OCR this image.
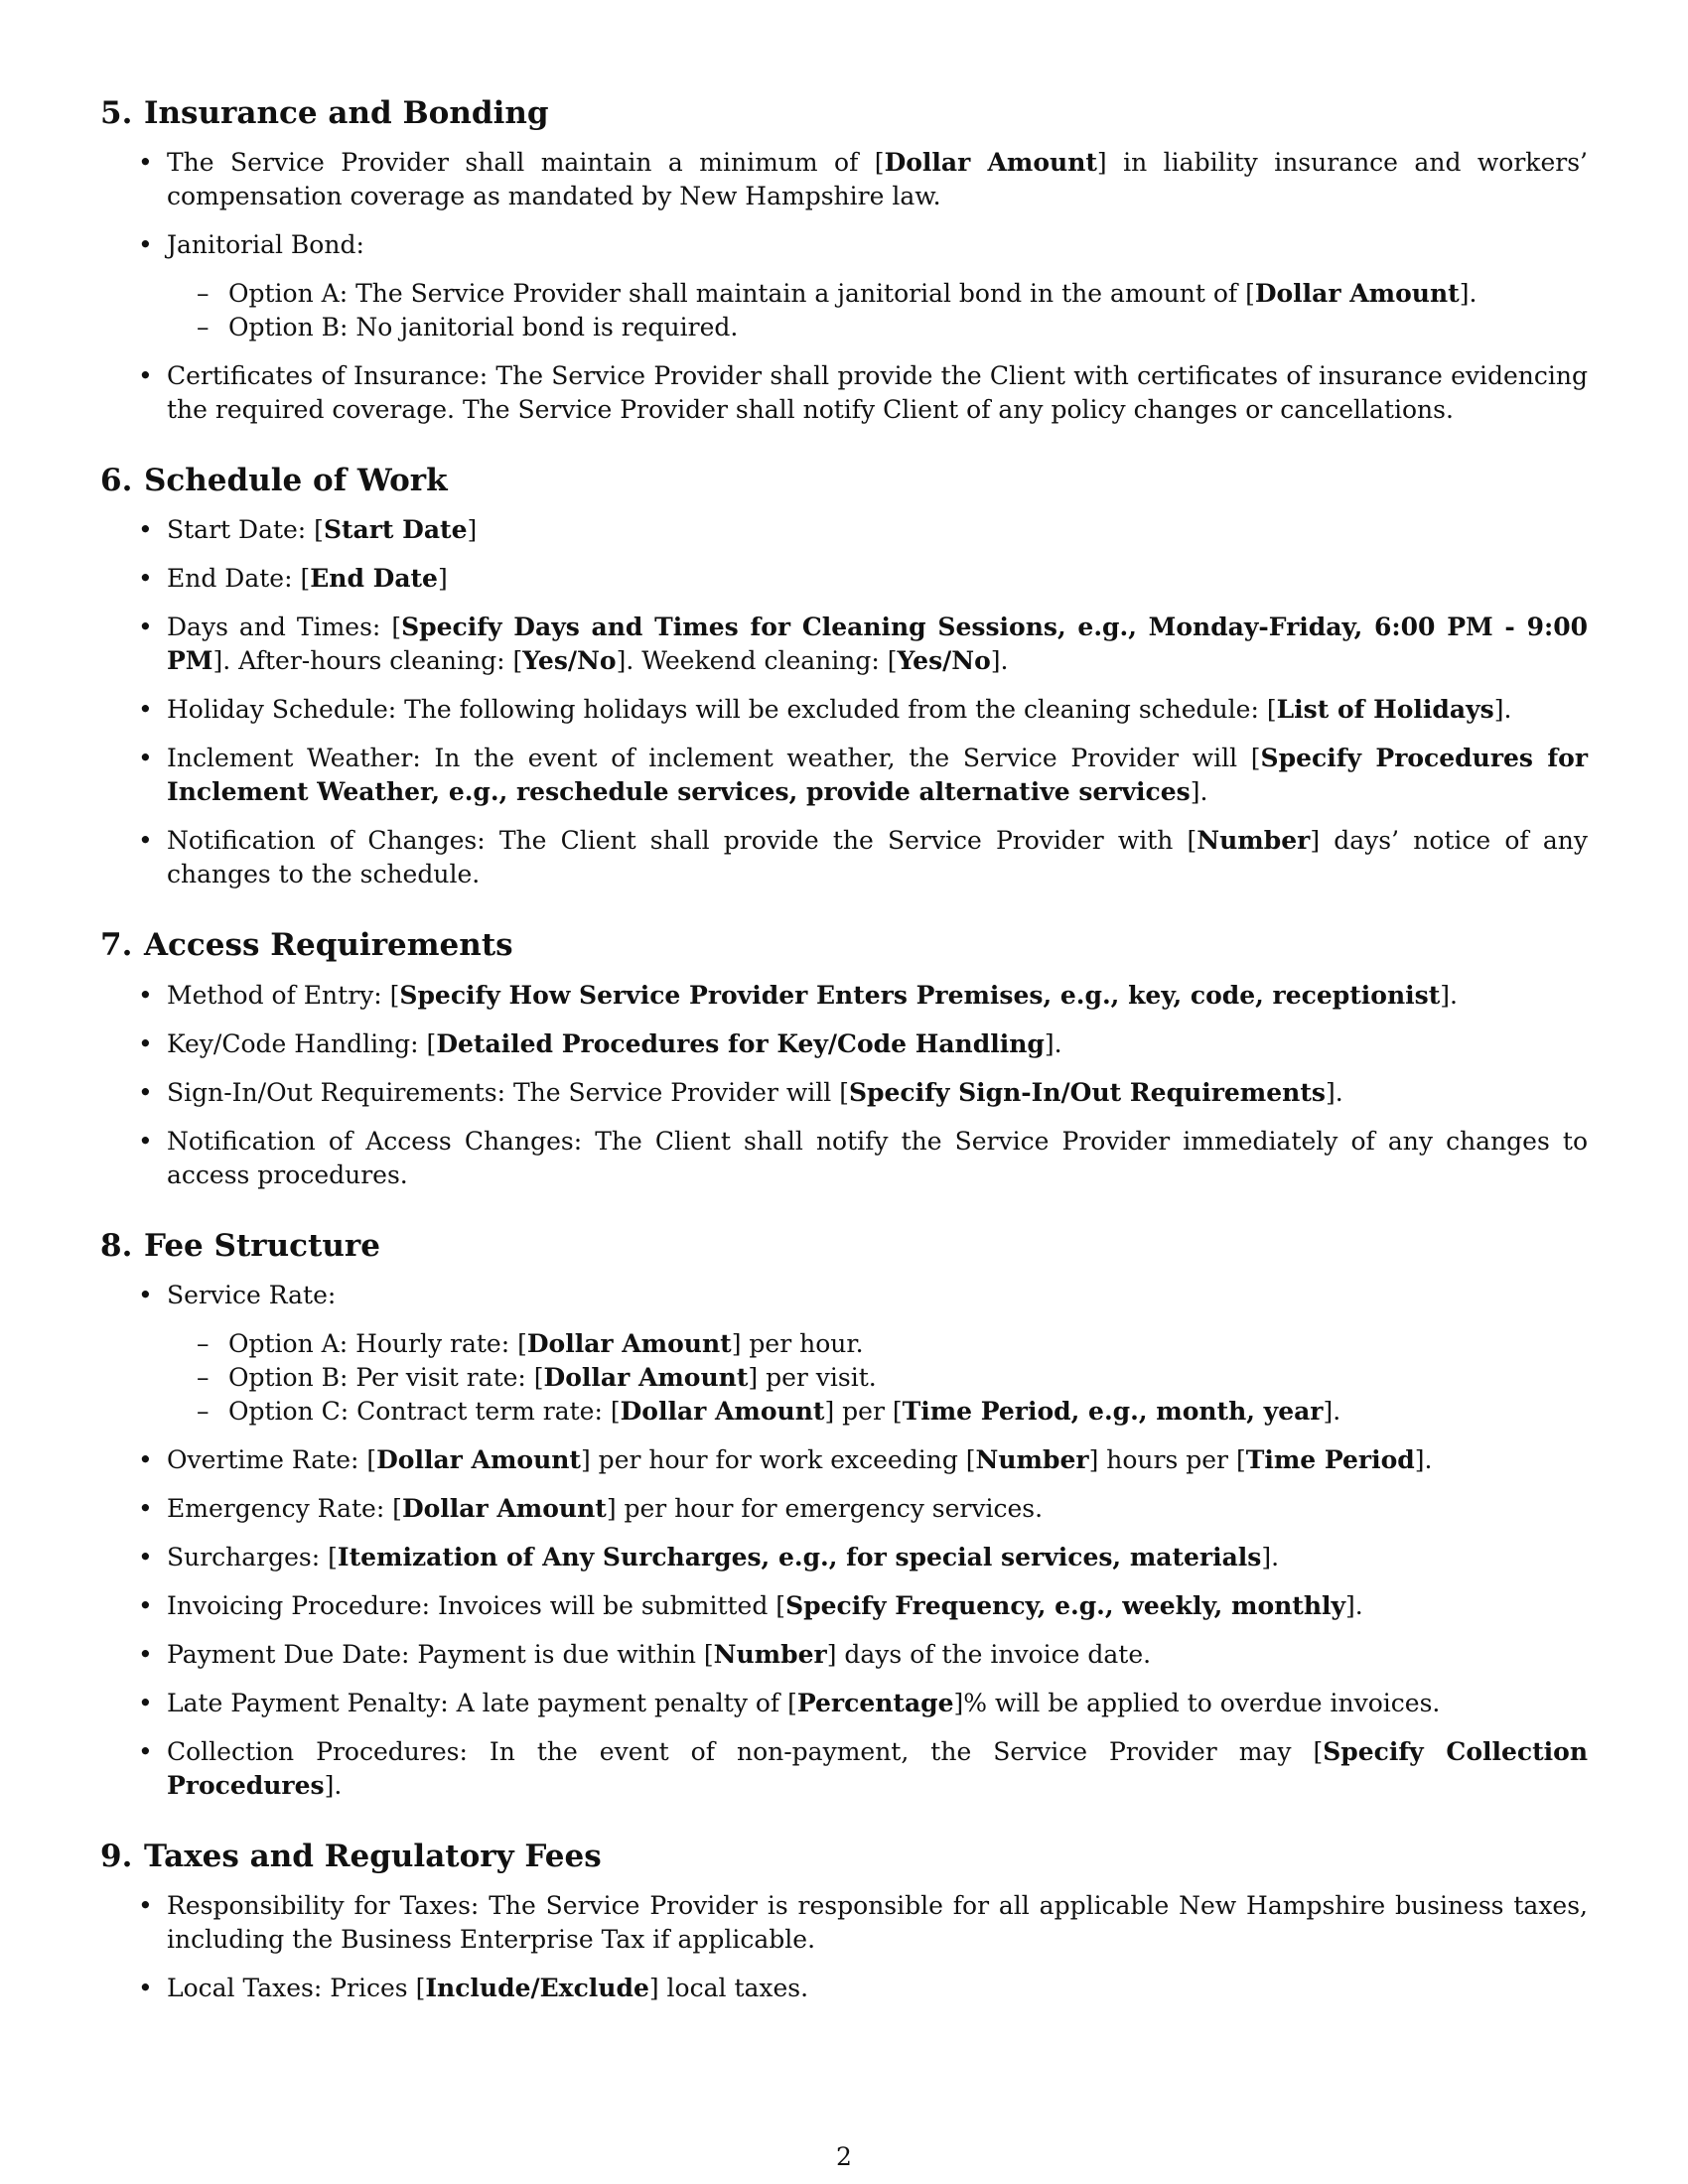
5. Insurance and Bonding
• The Service Provider shall maintain a minimum of [Dollar Amount] in liability insurance and workers’ compensation coverage as mandated by New Hampshire law.
• Janitorial Bond:
– Option A: The Service Provider shall maintain a janitorial bond in the amount of [Dollar Amount].
– Option B: No janitorial bond is required.
• Certificates of Insurance: The Service Provider shall provide the Client with certificates of insurance evidencing the required coverage. The Service Provider shall notify Client of any policy changes or cancellations.
6. Schedule of Work
• Start Date: [Start Date]
• End Date: [End Date]
• Days and Times: [Specify Days and Times for Cleaning Sessions, e.g., Monday-Friday, 6:00 PM - 9:00 PM]. After-hours cleaning: [Yes/No]. Weekend cleaning: [Yes/No].
• Holiday Schedule: The following holidays will be excluded from the cleaning schedule: [List of Holidays].
• Inclement Weather: In the event of inclement weather, the Service Provider will [Specify Procedures for Inclement Weather, e.g., reschedule services, provide alternative services].
• Notification of Changes: The Client shall provide the Service Provider with [Number] days’ notice of any changes to the schedule.
7. Access Requirements
• Method of Entry: [Specify How Service Provider Enters Premises, e.g., key, code, receptionist].
• Key/Code Handling: [Detailed Procedures for Key/Code Handling].
• Sign-In/Out Requirements: The Service Provider will [Specify Sign-In/Out Requirements].
• Notification of Access Changes: The Client shall notify the Service Provider immediately of any changes to access procedures.
8. Fee Structure
• Service Rate:
– Option A: Hourly rate: [Dollar Amount] per hour.
– Option B: Per visit rate: [Dollar Amount] per visit.
– Option C: Contract term rate: [Dollar Amount] per [Time Period, e.g., month, year].
• Overtime Rate: [Dollar Amount] per hour for work exceeding [Number] hours per [Time Period].
• Emergency Rate: [Dollar Amount] per hour for emergency services.
• Surcharges: [Itemization of Any Surcharges, e.g., for special services, materials].
• Invoicing Procedure: Invoices will be submitted [Specify Frequency, e.g., weekly, monthly].
• Payment Due Date: Payment is due within [Number] days of the invoice date.
• Late Payment Penalty: A late payment penalty of [Percentage]% will be applied to overdue invoices.
• Collection Procedures: In the event of non-payment, the Service Provider may [Specify Collection Procedures].
9. Taxes and Regulatory Fees
• Responsibility for Taxes: The Service Provider is responsible for all applicable New Hampshire business taxes, including the Business Enterprise Tax if applicable.
• Local Taxes: Prices [Include/Exclude] local taxes.
2
